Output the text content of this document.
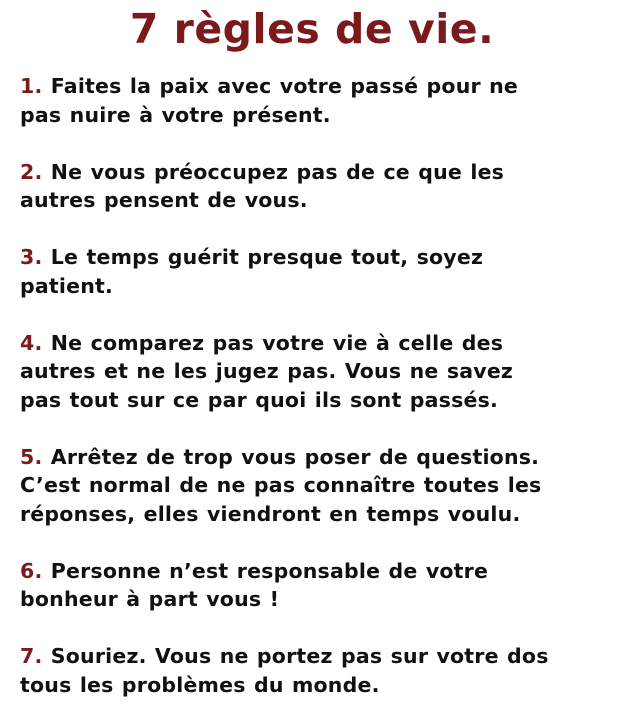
7 règles de vie.
1. Faites la paix avec votre passé pour ne
pas nuire à votre présent.
2. Ne vous préoccupez pas de ce que les
autres pensent de vous.
3. Le temps guérit presque tout, soyez
patient.
4. Ne comparez pas votre vie à celle des
autres et ne les jugez pas. Vous ne savez
pas tout sur ce par quoi ils sont passés.
5. Arrêtez de trop vous poser de questions.
C’est normal de ne pas connaître toutes les
réponses, elles viendront en temps voulu.
6. Personne n’est responsable de votre
bonheur à part vous !
7. Souriez. Vous ne portez pas sur votre dos
tous les problèmes du monde.
